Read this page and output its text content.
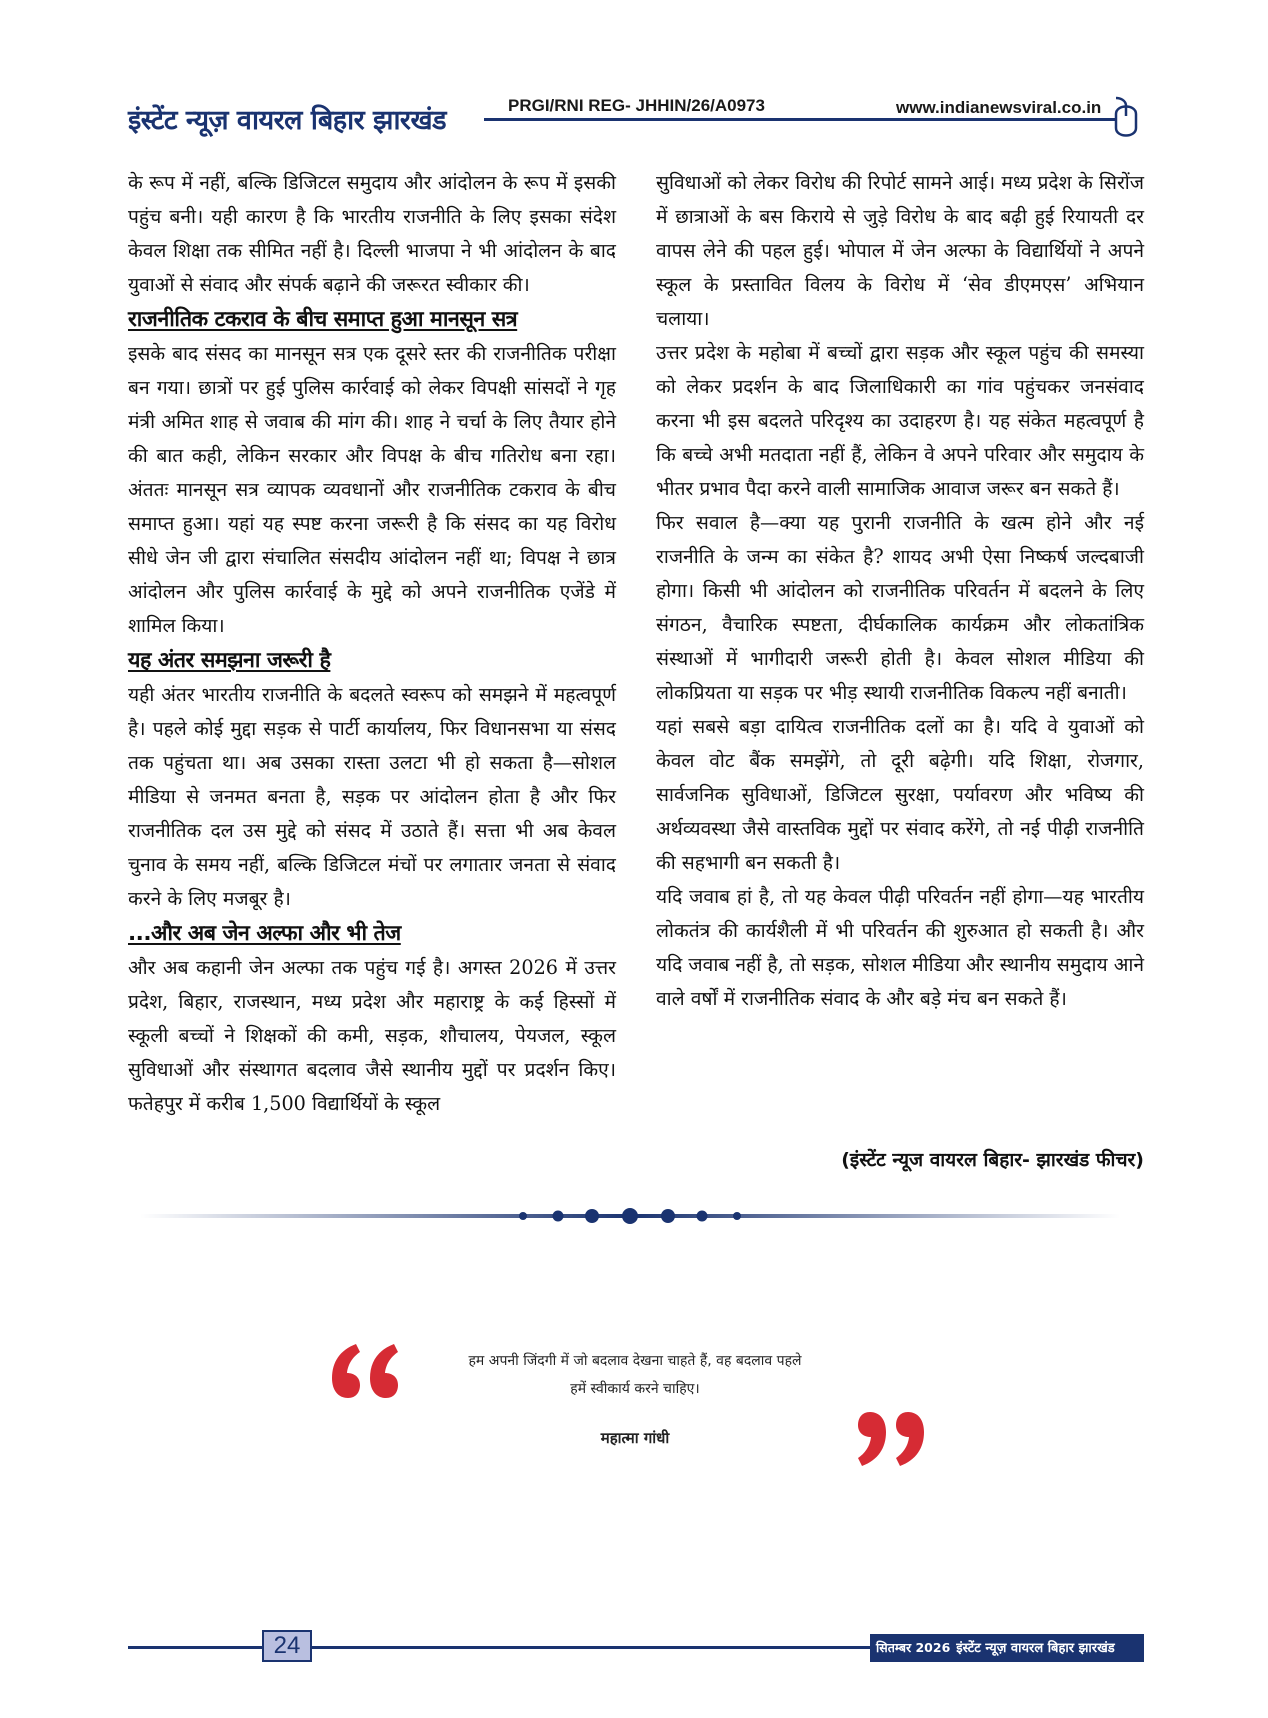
इंस्टेंट न्यूज़ वायरल बिहार झारखंड	PRGI/RNI REG- JHHIN/26/A0973	www.indianewsviral.co.in

के रूप में नहीं, बल्कि डिजिटल समुदाय और आंदोलन के रूप में इसकी पहुंच बनी। यही कारण है कि भारतीय राजनीति के लिए इसका संदेश केवल शिक्षा तक सीमित नहीं है। दिल्ली भाजपा ने भी आंदोलन के बाद युवाओं से संवाद और संपर्क बढ़ाने की जरूरत स्वीकार की।

राजनीतिक टकराव के बीच समाप्त हुआ मानसून सत्र

इसके बाद संसद का मानसून सत्र एक दूसरे स्तर की राजनीतिक परीक्षा बन गया। छात्रों पर हुई पुलिस कार्रवाई को लेकर विपक्षी सांसदों ने गृह मंत्री अमित शाह से जवाब की मांग की। शाह ने चर्चा के लिए तैयार होने की बात कही, लेकिन सरकार और विपक्ष के बीच गतिरोध बना रहा। अंततः मानसून सत्र व्यापक व्यवधानों और राजनीतिक टकराव के बीच समाप्त हुआ। यहां यह स्पष्ट करना जरूरी है कि संसद का यह विरोध सीधे जेन जी द्वारा संचालित संसदीय आंदोलन नहीं था; विपक्ष ने छात्र आंदोलन और पुलिस कार्रवाई के मुद्दे को अपने राजनीतिक एजेंडे में शामिल किया।

यह अंतर समझना जरूरी है

यही अंतर भारतीय राजनीति के बदलते स्वरूप को समझने में महत्वपूर्ण है। पहले कोई मुद्दा सड़क से पार्टी कार्यालय, फिर विधानसभा या संसद तक पहुंचता था। अब उसका रास्ता उलटा भी हो सकता है—सोशल मीडिया से जनमत बनता है, सड़क पर आंदोलन होता है और फिर राजनीतिक दल उस मुद्दे को संसद में उठाते हैं। सत्ता भी अब केवल चुनाव के समय नहीं, बल्कि डिजिटल मंचों पर लगातार जनता से संवाद करने के लिए मजबूर है।

...और अब जेन अल्फा और भी तेज

और अब कहानी जेन अल्फा तक पहुंच गई है। अगस्त 2026 में उत्तर प्रदेश, बिहार, राजस्थान, मध्य प्रदेश और महाराष्ट्र के कई हिस्सों में स्कूली बच्चों ने शिक्षकों की कमी, सड़क, शौचालय, पेयजल, स्कूल सुविधाओं और संस्थागत बदलाव जैसे स्थानीय मुद्दों पर प्रदर्शन किए। फतेहपुर में करीब 1,500 विद्यार्थियों के स्कूल

सुविधाओं को लेकर विरोध की रिपोर्ट सामने आई। मध्य प्रदेश के सिरोंज में छात्राओं के बस किराये से जुड़े विरोध के बाद बढ़ी हुई रियायती दर वापस लेने की पहल हुई। भोपाल में जेन अल्फा के विद्यार्थियों ने अपने स्कूल के प्रस्तावित विलय के विरोध में ‘सेव डीएमएस’ अभियान चलाया।

उत्तर प्रदेश के महोबा में बच्चों द्वारा सड़क और स्कूल पहुंच की समस्या को लेकर प्रदर्शन के बाद जिलाधिकारी का गांव पहुंचकर जनसंवाद करना भी इस बदलते परिदृश्य का उदाहरण है। यह संकेत महत्वपूर्ण है कि बच्चे अभी मतदाता नहीं हैं, लेकिन वे अपने परिवार और समुदाय के भीतर प्रभाव पैदा करने वाली सामाजिक आवाज जरूर बन सकते हैं।

फिर सवाल है—क्या यह पुरानी राजनीति के खत्म होने और नई राजनीति के जन्म का संकेत है? शायद अभी ऐसा निष्कर्ष जल्दबाजी होगा। किसी भी आंदोलन को राजनीतिक परिवर्तन में बदलने के लिए संगठन, वैचारिक स्पष्टता, दीर्घकालिक कार्यक्रम और लोकतांत्रिक संस्थाओं में भागीदारी जरूरी होती है। केवल सोशल मीडिया की लोकप्रियता या सड़क पर भीड़ स्थायी राजनीतिक विकल्प नहीं बनाती।

यहां सबसे बड़ा दायित्व राजनीतिक दलों का है। यदि वे युवाओं को केवल वोट बैंक समझेंगे, तो दूरी बढ़ेगी। यदि शिक्षा, रोजगार, सार्वजनिक सुविधाओं, डिजिटल सुरक्षा, पर्यावरण और भविष्य की अर्थव्यवस्था जैसे वास्तविक मुद्दों पर संवाद करेंगे, तो नई पीढ़ी राजनीति की सहभागी बन सकती है।

यदि जवाब हां है, तो यह केवल पीढ़ी परिवर्तन नहीं होगा—यह भारतीय लोकतंत्र की कार्यशैली में भी परिवर्तन की शुरुआत हो सकती है। और यदि जवाब नहीं है, तो सड़क, सोशल मीडिया और स्थानीय समुदाय आने वाले वर्षों में राजनीतिक संवाद के और बड़े मंच बन सकते हैं।

(इंस्टेंट न्यूज वायरल बिहार- झारखंड फीचर)
हम अपनी जिंदगी में जो बदलाव देखना चाहते हैं, वह बदलाव पहले
हमें स्वीकार्य करने चाहिए।
महात्मा गांधी
24	सितम्बर 2026 इंस्टेंट न्यूज़ वायरल बिहार झारखंड
